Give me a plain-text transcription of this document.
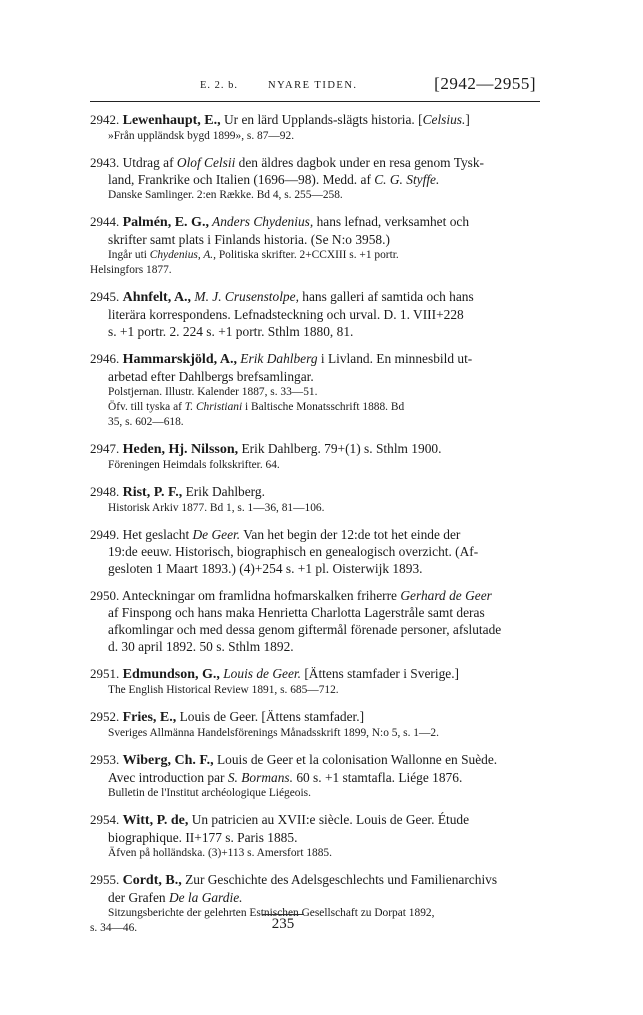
E. 2. b.	NYARE TIDEN.	[2942—2955]
2942. Lewenhaupt, E., Ur en lärd Upplands-slägts historia. [Celsius.]
»Från uppländsk bygd 1899», s. 87—92.
2943. Utdrag af Olof Celsii den äldres dagbok under en resa genom Tysk-
land, Frankrike och Italien (1696—98). Medd. af C. G. Styffe.
Danske Samlinger. 2:en Række. Bd 4, s. 255—258.
2944. Palmén, E. G., Anders Chydenius, hans lefnad, verksamhet och
skrifter samt plats i Finlands historia. (Se N:o 3958.)
Ingår uti Chydenius, A., Politiska skrifter. 2+CCXIII s. +1 portr.
Helsingfors 1877.
2945. Ahnfelt, A., M. J. Crusenstolpe, hans galleri af samtida och hans
literära korrespondens. Lefnadsteckning och urval. D. 1. VIII+228
s. +1 portr. 2. 224 s. +1 portr. Sthlm 1880, 81.
2946. Hammarskjöld, A., Erik Dahlberg i Livland. En minnesbild ut-
arbetad efter Dahlbergs brefsamlingar.
Polstjernan. Illustr. Kalender 1887, s. 33—51.
Öfv. till tyska af T. Christiani i Baltische Monatsschrift 1888. Bd
35, s. 602—618.
2947. Heden, Hj. Nilsson, Erik Dahlberg. 79+(1) s. Sthlm 1900.
Föreningen Heimdals folkskrifter. 64.
2948. Rist, P. F., Erik Dahlberg.
Historisk Arkiv 1877. Bd 1, s. 1—36, 81—106.
2949. Het geslacht De Geer. Van het begin der 12:de tot het einde der
19:de eeuw. Historisch, biographisch en genealogisch overzicht. (Af-
gesloten 1 Maart 1893.) (4)+254 s. +1 pl. Oisterwijk 1893.
2950. Anteckningar om framlidna hofmarskalken friherre Gerhard de Geer
af Finspong och hans maka Henrietta Charlotta Lagerstråle samt deras
afkomlingar och med dessa genom giftermål förenade personer, afslutade
d. 30 april 1892. 50 s. Sthlm 1892.
2951. Edmundson, G., Louis de Geer. [Ättens stamfader i Sverige.]
The English Historical Review 1891, s. 685—712.
2952. Fries, E., Louis de Geer. [Ättens stamfader.]
Sveriges Allmänna Handelsförenings Månadsskrift 1899, N:o 5, s. 1—2.
2953. Wiberg, Ch. F., Louis de Geer et la colonisation Wallonne en Suède.
Avec introduction par S. Bormans. 60 s. +1 stamtafla. Liége 1876.
Bulletin de l'Institut archéologique Liégeois.
2954. Witt, P. de, Un patricien au XVII:e siècle. Louis de Geer. Étude
biographique. II+177 s. Paris 1885.
Äfven på holländska. (3)+113 s. Amersfort 1885.
2955. Cordt, B., Zur Geschichte des Adelsgeschlechts und Familienarchivs
der Grafen De la Gardie.
Sitzungsberichte der gelehrten Estnischen Gesellschaft zu Dorpat 1892,
s. 34—46.	235
